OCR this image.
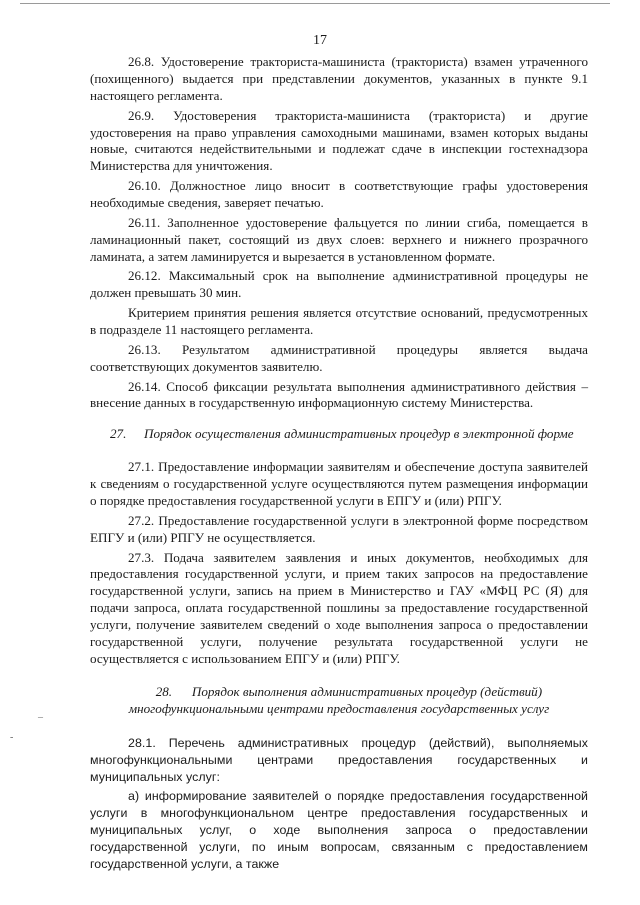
17

26.8. Удостоверение тракториста-машиниста (тракториста) взамен утраченного (похищенного) выдается при представлении документов, указанных в пункте 9.1 настоящего регламента.

26.9. Удостоверения тракториста-машиниста (тракториста) и другие удостоверения на право управления самоходными машинами, взамен которых выданы новые, считаются недействительными и подлежат сдаче в инспекции гостехнадзора Министерства для уничтожения.

26.10. Должностное лицо вносит в соответствующие графы удостоверения необходимые сведения, заверяет печатью.

26.11. Заполненное удостоверение фальцуется по линии сгиба, помещается в ламинационный пакет, состоящий из двух слоев: верхнего и нижнего прозрачного ламината, а затем ламинируется и вырезается в установленном формате.

26.12. Максимальный срок на выполнение административной процедуры не должен превышать 30 мин.

Критерием принятия решения является отсутствие оснований, предусмотренных в подразделе 11 настоящего регламента.

26.13. Результатом административной процедуры является выдача соответствующих документов заявителю.

26.14. Способ фиксации результата выполнения административного действия – внесение данных в государственную информационную систему Министерства.

27. Порядок осуществления административных процедур в электронной форме

27.1. Предоставление информации заявителям и обеспечение доступа заявителей к сведениям о государственной услуге осуществляются путем размещения информации о порядке предоставления государственной услуги в ЕПГУ и (или) РПГУ.

27.2. Предоставление государственной услуги в электронной форме посредством ЕПГУ и (или) РПГУ не осуществляется.

27.3. Подача заявителем заявления и иных документов, необходимых для предоставления государственной услуги, и прием таких запросов на предоставление государственной услуги, запись на прием в Министерство и ГАУ «МФЦ РС (Я) для подачи запроса, оплата государственной пошлины за предоставление государственной услуги, получение заявителем сведений о ходе выполнения запроса о предоставлении государственной услуги, получение результата государственной услуги не осуществляется с использованием ЕПГУ и (или) РПГУ.

28. Порядок выполнения административных процедур (действий)
многофункциональными центрами предоставления государственных услуг

28.1. Перечень административных процедур (действий), выполняемых многофункциональными центрами предоставления государственных и муниципальных услуг:

а) информирование заявителей о порядке предоставления государственной услуги в многофункциональном центре предоставления государственных и муниципальных услуг, о ходе выполнения запроса о предоставлении государственной услуги, по иным вопросам, связанным с предоставлением государственной услуги, а также

–
-
